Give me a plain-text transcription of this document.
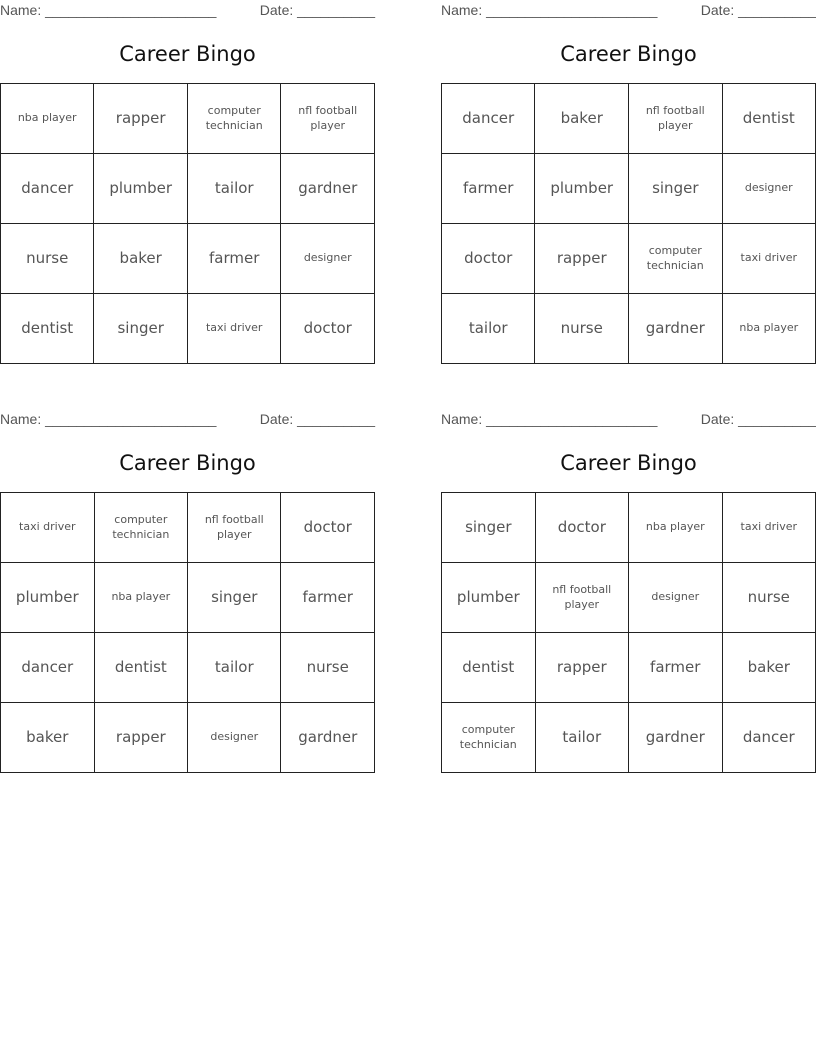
Name: ______________________	Date: __________
Career Bingo
nba player	rapper	computer technician	nfl football player
dancer	plumber	tailor	gardner
nurse	baker	farmer	designer
dentist	singer	taxi driver	doctor
Name: ______________________	Date: __________
Career Bingo
dancer	baker	nfl football player	dentist
farmer	plumber	singer	designer
doctor	rapper	computer technician	taxi driver
tailor	nurse	gardner	nba player
Name: ______________________	Date: __________
Career Bingo
taxi driver	computer technician	nfl football player	doctor
plumber	nba player	singer	farmer
dancer	dentist	tailor	nurse
baker	rapper	designer	gardner
Name: ______________________	Date: __________
Career Bingo
singer	doctor	nba player	taxi driver
plumber	nfl football player	designer	nurse
dentist	rapper	farmer	baker
computer technician	tailor	gardner	dancer
